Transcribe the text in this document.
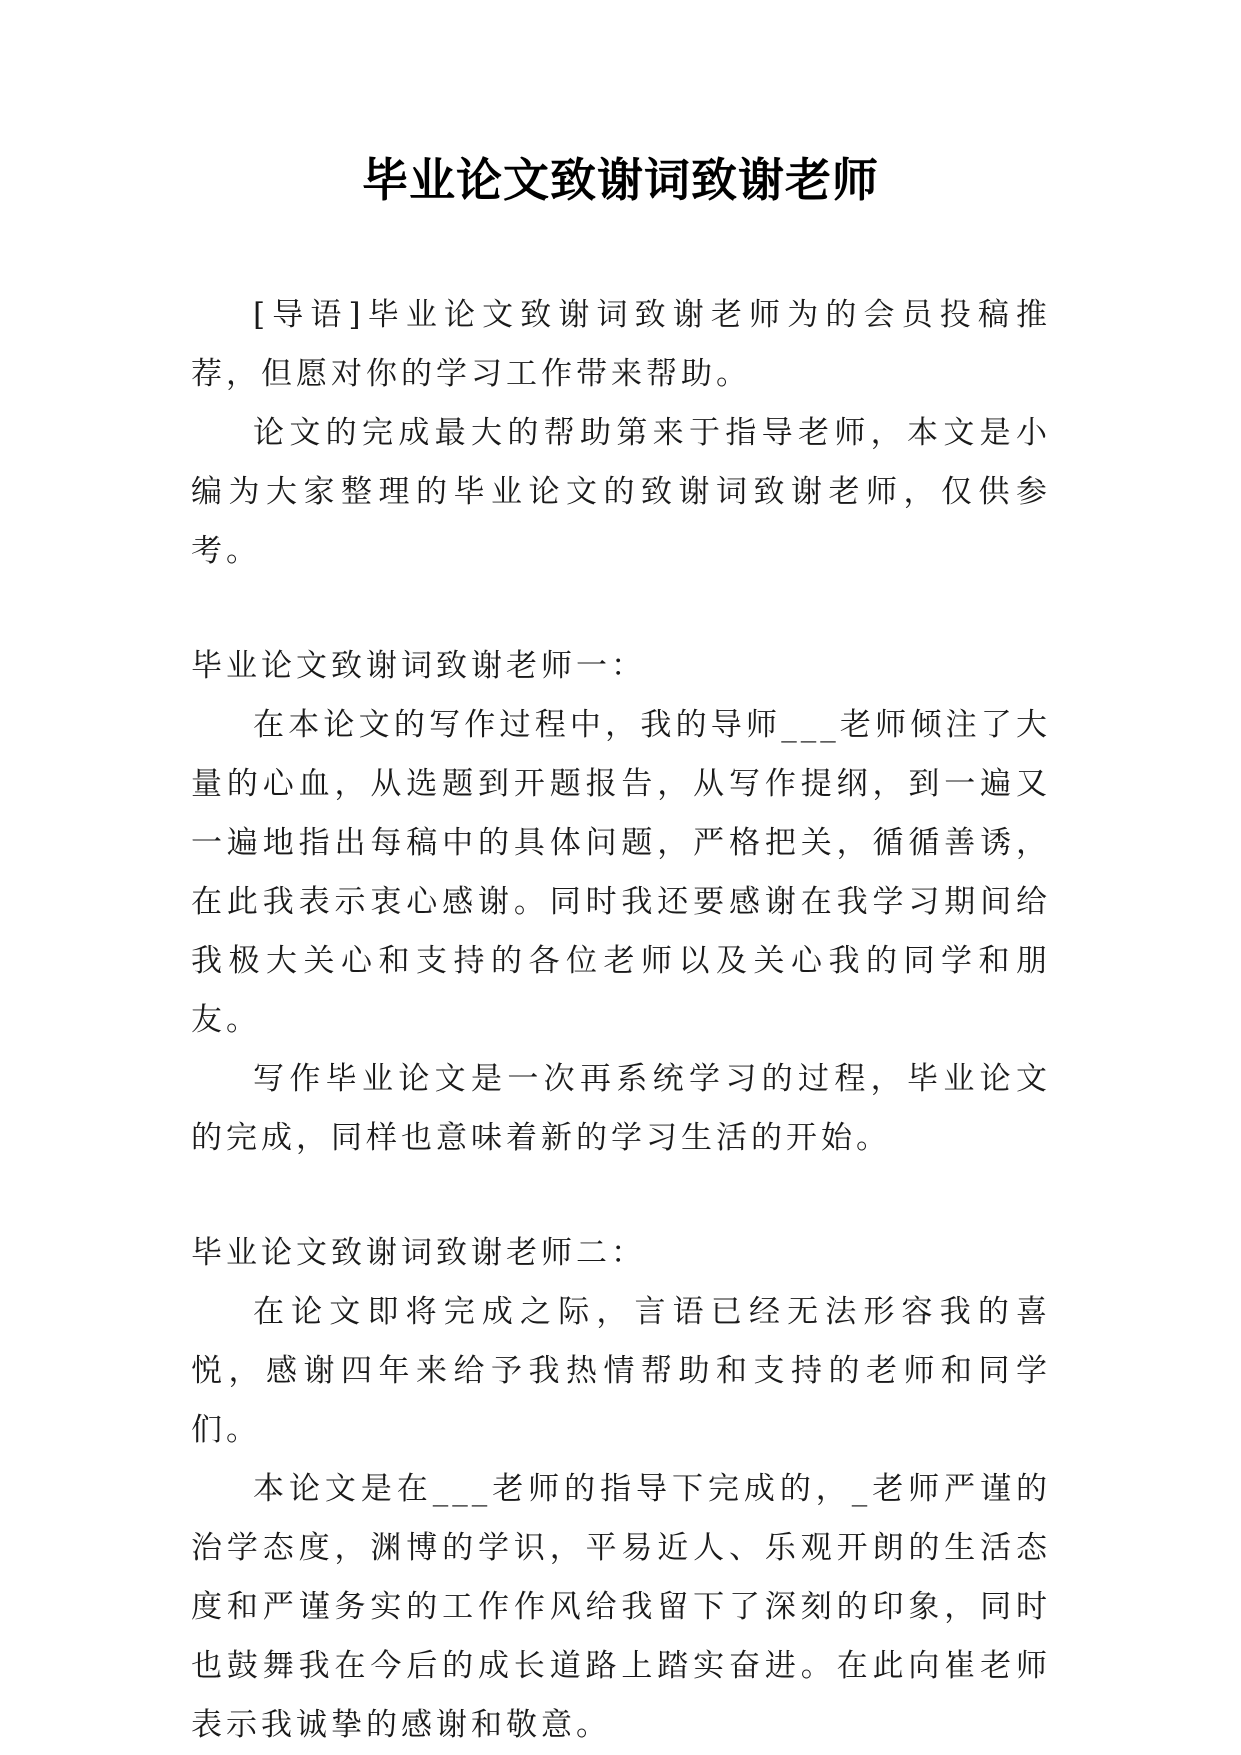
毕业论文致谢词致谢老师

[导语]毕业论文致谢词致谢老师为的会员投稿推荐，但愿对你的学习工作带来帮助。

论文的完成最大的帮助第来于指导老师，本文是小编为大家整理的毕业论文的致谢词致谢老师，仅供参考。

毕业论文致谢词致谢老师一：

在本论文的写作过程中，我的导师___老师倾注了大量的心血，从选题到开题报告，从写作提纲，到一遍又一遍地指出每稿中的具体问题，严格把关，循循善诱，在此我表示衷心感谢。同时我还要感谢在我学习期间给我极大关心和支持的各位老师以及关心我的同学和朋友。

写作毕业论文是一次再系统学习的过程，毕业论文的完成，同样也意味着新的学习生活的开始。

毕业论文致谢词致谢老师二：

在论文即将完成之际，言语已经无法形容我的喜悦，感谢四年来给予我热情帮助和支持的老师和同学们。

本论文是在___老师的指导下完成的，_老师严谨的治学态度，渊博的学识，平易近人、乐观开朗的生活态度和严谨务实的工作作风给我留下了深刻的印象，同时也鼓舞我在今后的成长道路上踏实奋进。在此向崔老师表示我诚挚的感谢和敬意。
